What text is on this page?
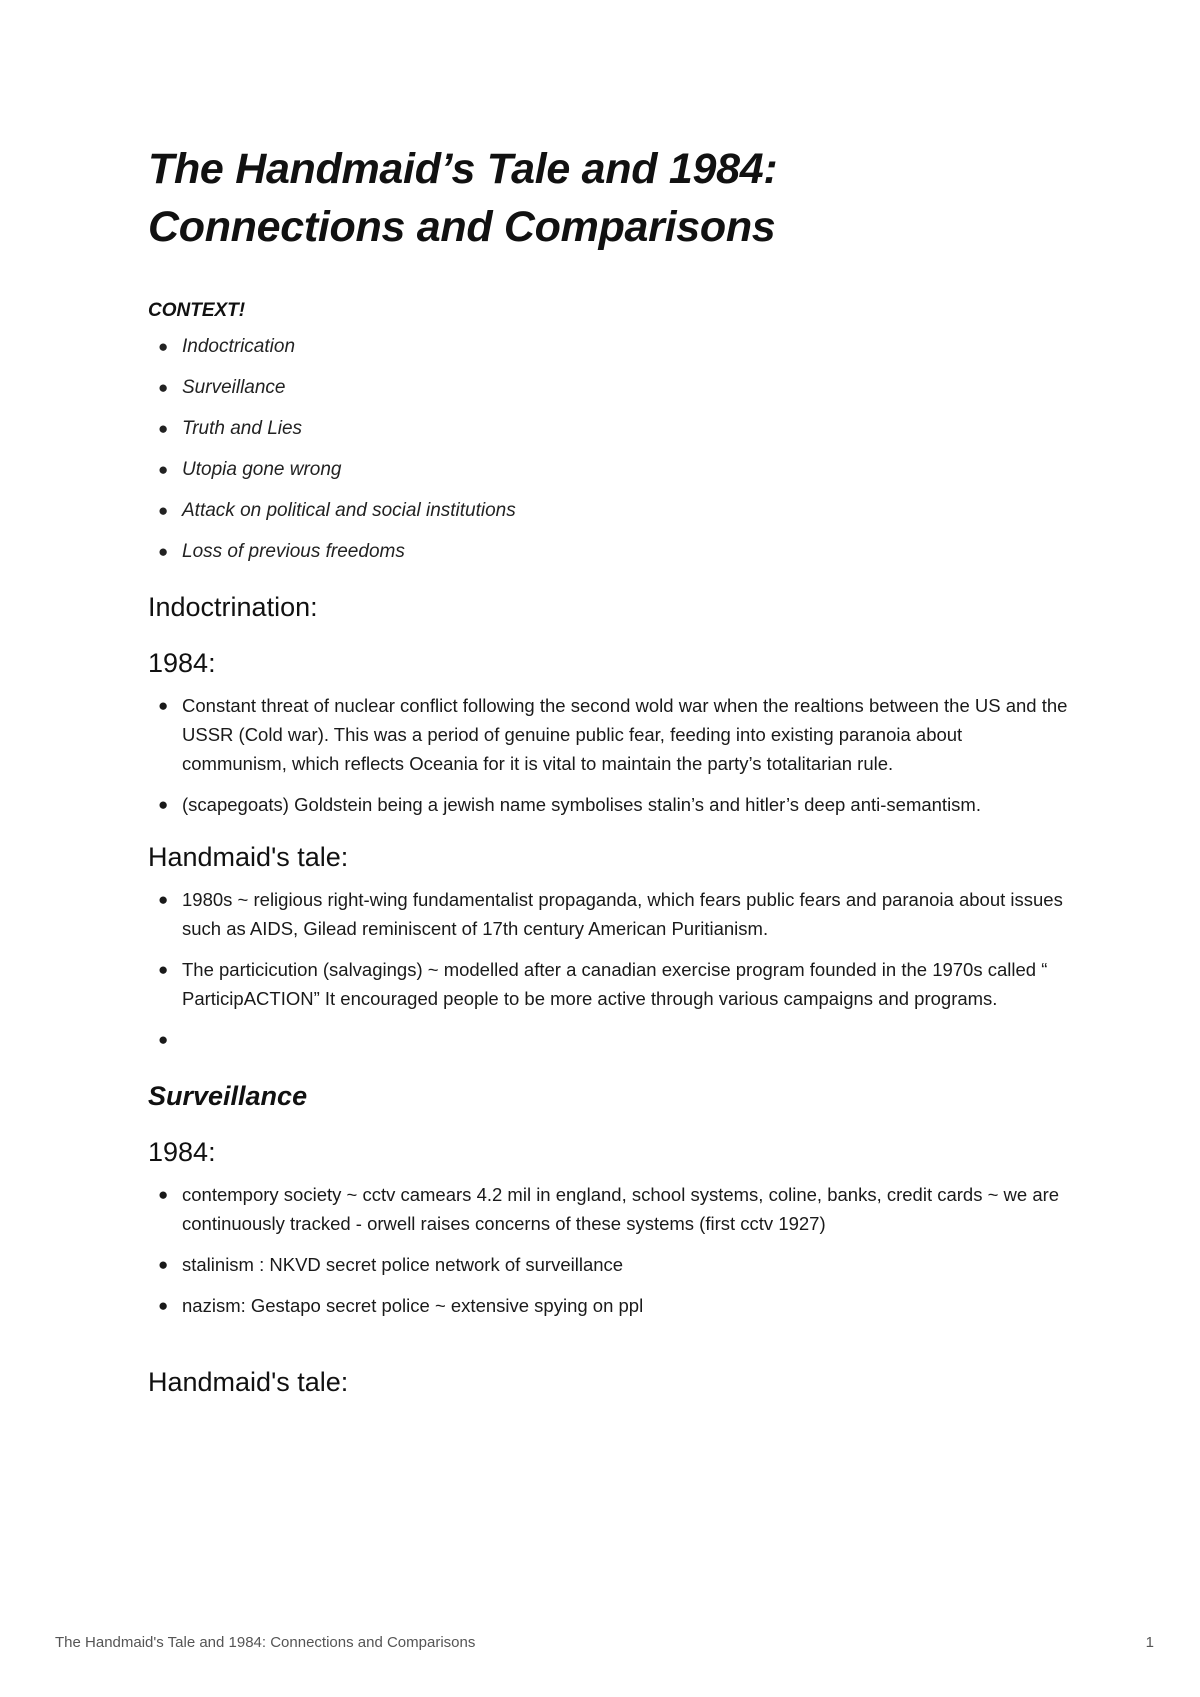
The Handmaid’s Tale and 1984:
Connections and Comparisons

CONTEXT!

● Indoctrication
● Surveillance
● Truth and Lies
● Utopia gone wrong
● Attack on political and social institutions
● Loss of previous freedoms
Indoctrination:
1984:
● Constant threat of nuclear conflict following the second wold war when the realtions between the US and the USSR (Cold war). This was a period of genuine public fear, feeding into existing paranoia about communism, which reflects Oceania for it is vital to maintain the party’s totalitarian rule.
● (scapegoats) Goldstein being a jewish name symbolises stalin’s and hitler’s deep anti-semantism.
Handmaid's tale:
● 1980s ~ religious right-wing fundamentalist propaganda, which fears public fears and paranoia about issues such as AIDS, Gilead reminiscent of 17th century American Puritianism.
● The particicution (salvagings) ~ modelled after a canadian exercise program founded in the 1970s called “ ParticipACTION” It encouraged people to be more active through various campaigns and programs.
●
Surveillance
1984:
● contempory society ~ cctv camears 4.2 mil in england, school systems, coline, banks, credit cards ~ we are continuously tracked - orwell raises concerns of these systems (first cctv 1927)
● stalinism : NKVD secret police network of surveillance
● nazism: Gestapo secret police ~ extensive spying on ppl
Handmaid's tale:
The Handmaid's Tale and 1984: Connections and Comparisons	1
